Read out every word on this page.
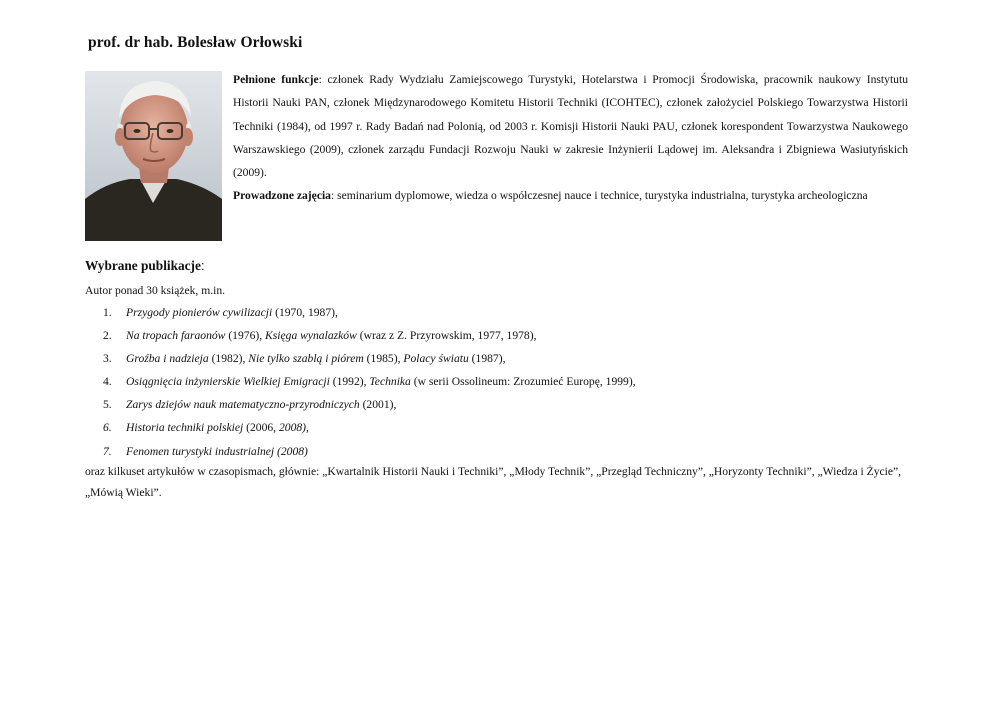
prof. dr hab. Bolesław Orłowski

Pełnione funkcje: członek Rady Wydziału Zamiejscowego Turystyki, Hotelarstwa i Promocji Środowiska, pracownik naukowy Instytutu Historii Nauki PAN, członek Międzynarodowego Komitetu Historii Techniki (ICOHTEC), członek założyciel Polskiego Towarzystwa Historii Techniki (1984), od 1997 r. Rady Badań nad Polonią, od 2003 r. Komisji Historii Nauki PAU, członek korespondent Towarzystwa Naukowego Warszawskiego (2009), członek zarządu Fundacji Rozwoju Nauki w zakresie Inżynierii Lądowej im. Aleksandra i Zbigniewa Wasiutyńskich (2009).

Prowadzone zajęcia: seminarium dyplomowe, wiedza o współczesnej nauce i technice, turystyka industrialna, turystyka archeologiczna

Wybrane publikacje:
Autor ponad 30 książek, m.in.
1. Przygody pionierów cywilizacji (1970, 1987),
2. Na tropach faraonów (1976), Księga wynalazków (wraz z Z. Przyrowskim, 1977, 1978),
3. Groźba i nadzieja (1982), Nie tylko szablą i piórem (1985), Polacy światu (1987),
4. Osiągnięcia inżynierskie Wielkiej Emigracji (1992), Technika (w serii Ossolineum: Zrozumieć Europę, 1999),
5. Zarys dziejów nauk matematyczno-przyrodniczych (2001),
6. Historia techniki polskiej (2006, 2008),
7. Fenomen turystyki industrialnej (2008)
oraz kilkuset artykułów w czasopismach, głównie: „Kwartalnik Historii Nauki i Techniki”, „Młody Technik”, „Przegląd Techniczny”, „Horyzonty Techniki”, „Wiedza i Życie”, „Mówią Wieki”.
